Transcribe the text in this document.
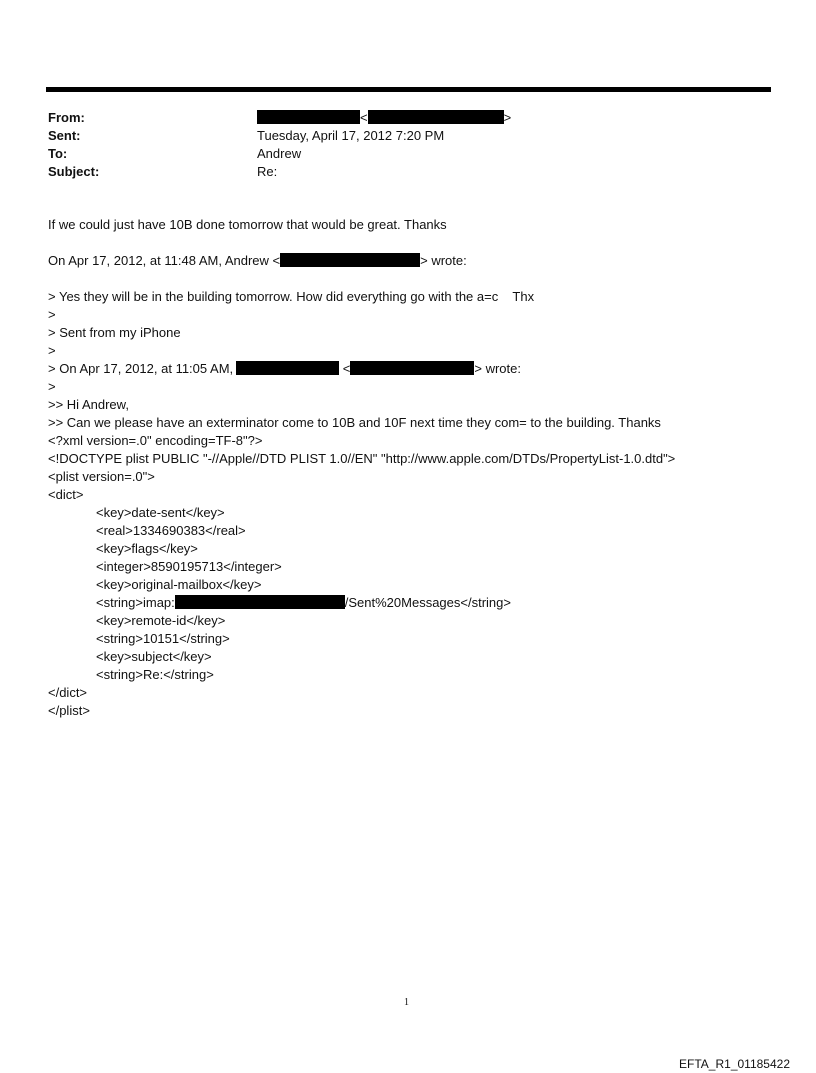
From:	<	>
Sent:	Tuesday, April 17, 2012 7:20 PM
To:	Andrew
Subject:	Re:
If we could just have 10B done tomorrow that would be great. Thanks
On Apr 17, 2012, at 11:48 AM, Andrew <	> wrote:
> Yes they will be in the building tomorrow. How did everything go with the a=c    Thx
>
> Sent from my iPhone
>
> On Apr 17, 2012, at 11:05 AM,	<	> wrote:
>
>> Hi Andrew,
>> Can we please have an exterminator come to 10B and 10F next time they com= to the building. Thanks
<?xml version=.0" encoding=TF-8"?>
<!DOCTYPE plist PUBLIC "-//Apple//DTD PLIST 1.0//EN" "http://www.apple.com/DTDs/PropertyList-1.0.dtd">
<plist version=.0">
<dict>
<key>date-sent</key>
<real>1334690383</real>
<key>flags</key>
<integer>8590195713</integer>
<key>original-mailbox</key>
<string>imap:	/Sent%20Messages</string>
<key>remote-id</key>
<string>10151</string>
<key>subject</key>
<string>Re:</string>
</dict>
</plist>
1
EFTA_R1_01185422
